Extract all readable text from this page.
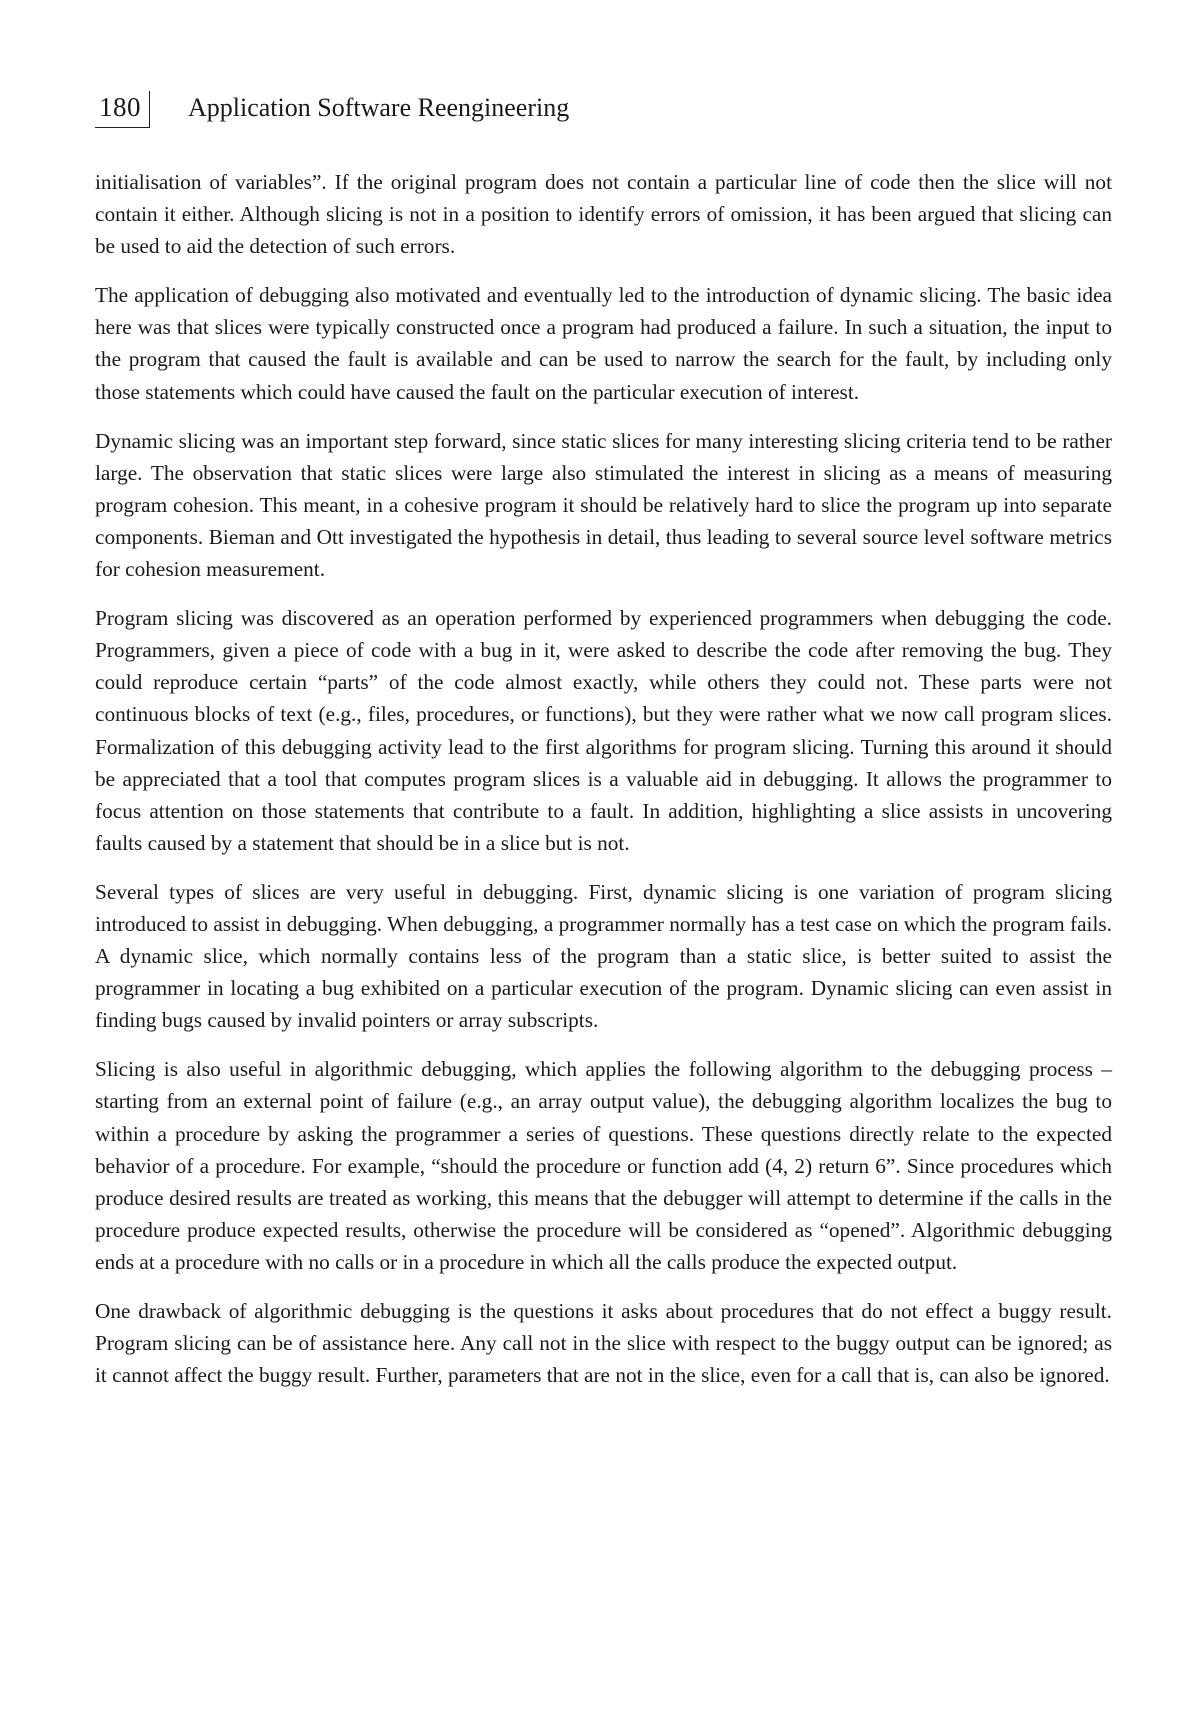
180	Application Software Reengineering

initialisation of variables”. If the original program does not contain a particular line of code then the slice will not contain it either. Although slicing is not in a position to identify errors of omission, it has been argued that slicing can be used to aid the detection of such errors.

The application of debugging also motivated and eventually led to the introduction of dynamic slicing. The basic idea here was that slices were typically constructed once a program had produced a failure. In such a situation, the input to the program that caused the fault is available and can be used to narrow the search for the fault, by including only those statements which could have caused the fault on the particular execution of interest.

Dynamic slicing was an important step forward, since static slices for many interesting slicing criteria tend to be rather large. The observation that static slices were large also stimulated the interest in slicing as a means of measuring program cohesion. This meant, in a cohesive program it should be relatively hard to slice the program up into separate components. Bieman and Ott investigated the hypothesis in detail, thus leading to several source level software metrics for cohesion measurement.

Program slicing was discovered as an operation performed by experienced programmers when debugging the code. Programmers, given a piece of code with a bug in it, were asked to describe the code after removing the bug. They could reproduce certain “parts” of the code almost exactly, while others they could not. These parts were not continuous blocks of text (e.g., files, procedures, or functions), but they were rather what we now call program slices. Formalization of this debugging activity lead to the first algorithms for program slicing. Turning this around it should be appreciated that a tool that computes program slices is a valuable aid in debugging. It allows the programmer to focus attention on those statements that contribute to a fault. In addition, highlighting a slice assists in uncovering faults caused by a statement that should be in a slice but is not.

Several types of slices are very useful in debugging. First, dynamic slicing is one variation of program slicing introduced to assist in debugging. When debugging, a programmer normally has a test case on which the program fails. A dynamic slice, which normally contains less of the program than a static slice, is better suited to assist the programmer in locating a bug exhibited on a particular execution of the program. Dynamic slicing can even assist in finding bugs caused by invalid pointers or array subscripts.

Slicing is also useful in algorithmic debugging, which applies the following algorithm to the debugging process – starting from an external point of failure (e.g., an array output value), the debugging algorithm localizes the bug to within a procedure by asking the programmer a series of questions. These questions directly relate to the expected behavior of a procedure. For example, “should the procedure or function add (4, 2) return 6”. Since procedures which produce desired results are treated as working, this means that the debugger will attempt to determine if the calls in the procedure produce expected results, otherwise the procedure will be considered as “opened”. Algorithmic debugging ends at a procedure with no calls or in a procedure in which all the calls produce the expected output.

One drawback of algorithmic debugging is the questions it asks about procedures that do not effect a buggy result. Program slicing can be of assistance here. Any call not in the slice with respect to the buggy output can be ignored; as it cannot affect the buggy result. Further, parameters that are not in the slice, even for a call that is, can also be ignored.
